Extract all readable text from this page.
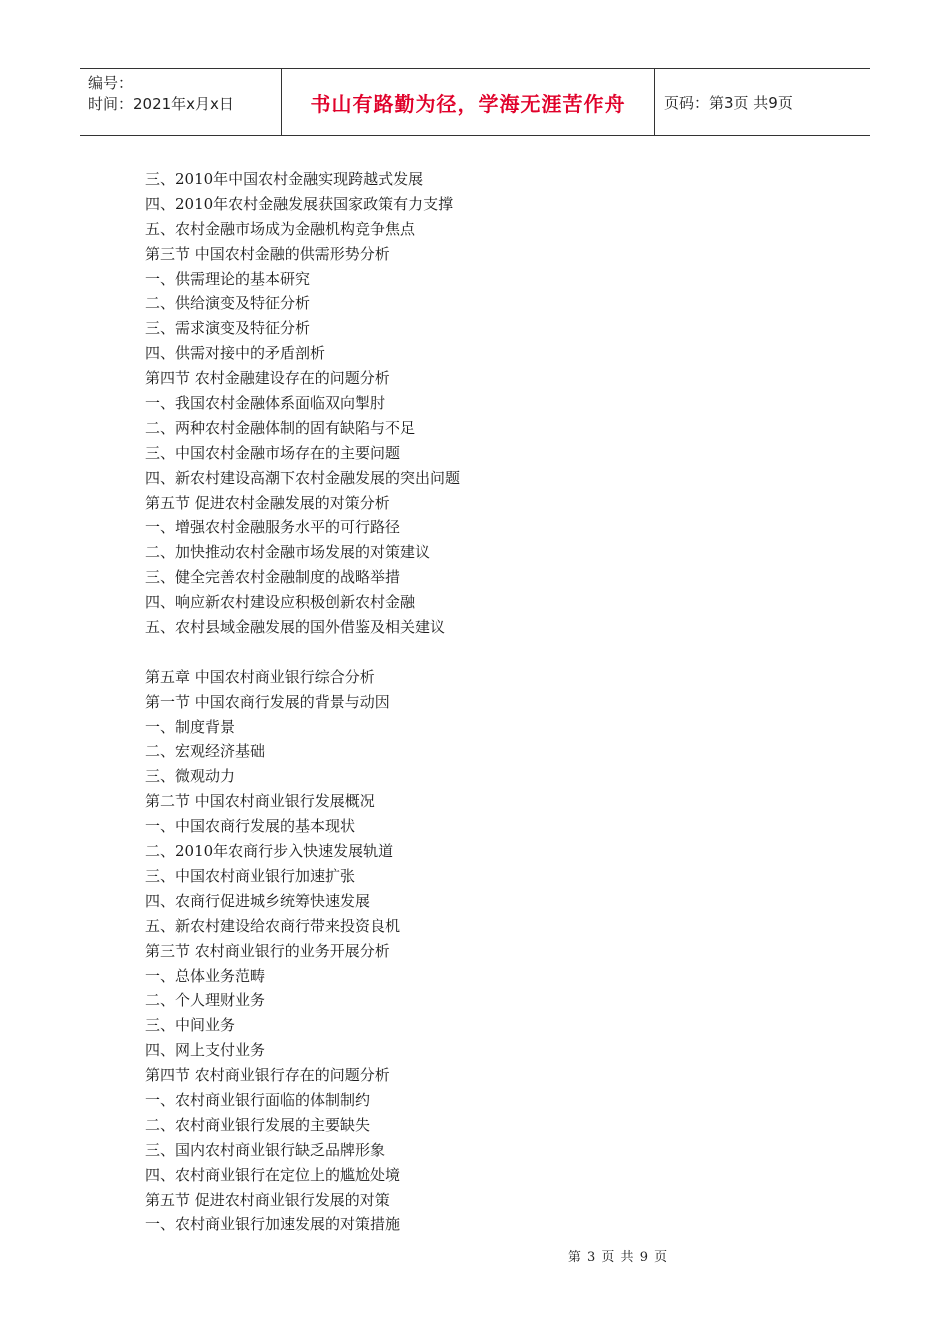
编号：
时间：2021年x月x日	书山有路勤为径，学海无涯苦作舟	页码：第3页 共9页
三、2010年中国农村金融实现跨越式发展
四、2010年农村金融发展获国家政策有力支撑
五、农村金融市场成为金融机构竞争焦点
第三节 中国农村金融的供需形势分析
一、供需理论的基本研究
二、供给演变及特征分析
三、需求演变及特征分析
四、供需对接中的矛盾剖析
第四节 农村金融建设存在的问题分析
一、我国农村金融体系面临双向掣肘
二、两种农村金融体制的固有缺陷与不足
三、中国农村金融市场存在的主要问题
四、新农村建设高潮下农村金融发展的突出问题
第五节 促进农村金融发展的对策分析
一、增强农村金融服务水平的可行路径
二、加快推动农村金融市场发展的对策建议
三、健全完善农村金融制度的战略举措
四、响应新农村建设应积极创新农村金融
五、农村县域金融发展的国外借鉴及相关建议
第五章 中国农村商业银行综合分析
第一节 中国农商行发展的背景与动因
一、制度背景
二、宏观经济基础
三、微观动力
第二节 中国农村商业银行发展概况
一、中国农商行发展的基本现状
二、2010年农商行步入快速发展轨道
三、中国农村商业银行加速扩张
四、农商行促进城乡统筹快速发展
五、新农村建设给农商行带来投资良机
第三节 农村商业银行的业务开展分析
一、总体业务范畴
二、个人理财业务
三、中间业务
四、网上支付业务
第四节 农村商业银行存在的问题分析
一、农村商业银行面临的体制制约
二、农村商业银行发展的主要缺失
三、国内农村商业银行缺乏品牌形象
四、农村商业银行在定位上的尴尬处境
第五节 促进农村商业银行发展的对策
一、农村商业银行加速发展的对策措施
第 3 页 共 9 页
